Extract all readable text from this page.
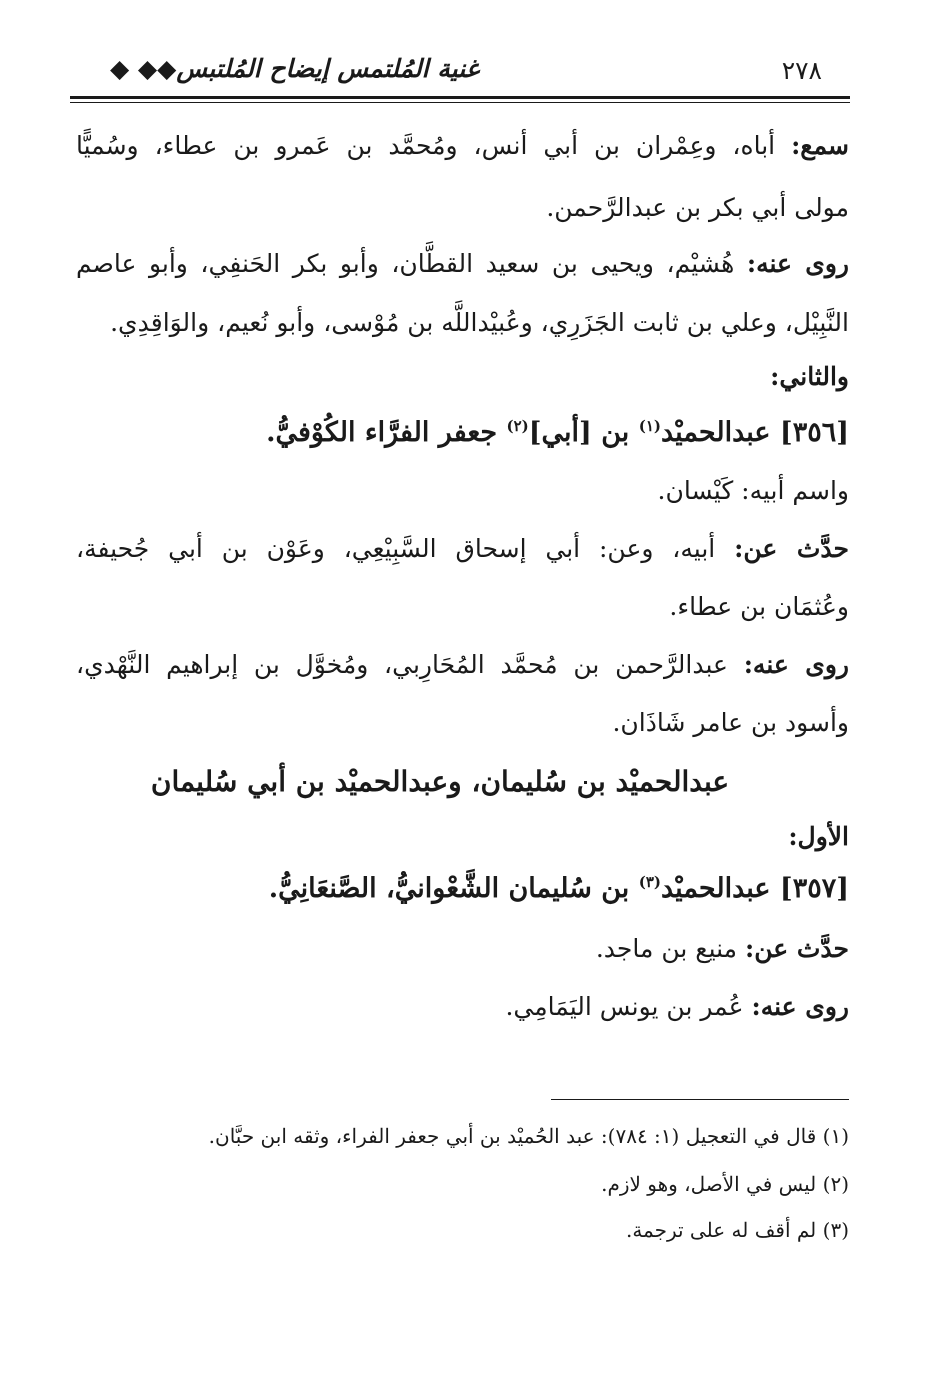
٢٧٨
غنية المُلتمس إيضاح المُلتبس◆◆ ◆
سمع: أباه، وعِمْران بن أبي أنس، ومُحمَّد بن عَمرو بن عطاء، وسُميًّا
مولى أبي بكر بن عبدالرَّحمن.
روى عنه: هُشيْم، ويحيى بن سعيد القطَّان، وأبو بكر الحَنفِي، وأبو عاصم
النَّبِيْل، وعلي بن ثابت الجَزَرِي، وعُبيْداللَّه بن مُوْسى، وأبو نُعيم، والوَاقِدِي.
والثاني:
[٣٥٦] عبدالحميْد$^{(١)}$ بن [أبي]$^{(٢)}$ جعفر الفرَّاء الكُوْفيُّ.
واسم أبيه: كَيْسان.
حدَّث عن: أبيه، وعن: أبي إسحاق السَّبِيْعِي، وعَوْن بن أبي جُحيفة،
وعُثمَان بن عطاء.
روى عنه: عبدالرَّحمن بن مُحمَّد المُحَارِبي، ومُخوَّل بن إبراهيم النَّهْدي،
وأسود بن عامر شَاذَان.
عبدالحميْد بن سُليمان، وعبدالحميْد بن أبي سُليمان
الأول:
[٣٥٧] عبدالحميْد$^{(٣)}$ بن سُليمان الشَّعْوانيُّ، الصَّنعَانِيُّ.
حدَّث عن: منيع بن ماجد.
روى عنه: عُمر بن يونس اليَمَامِي.
(١) قال في التعجيل (١: ٧٨٤): عبد الحُميْد بن أبي جعفر الفراء، وثقه ابن حبَّان.
(٢) ليس في الأصل، وهو لازم.
(٣) لم أقف له على ترجمة.
